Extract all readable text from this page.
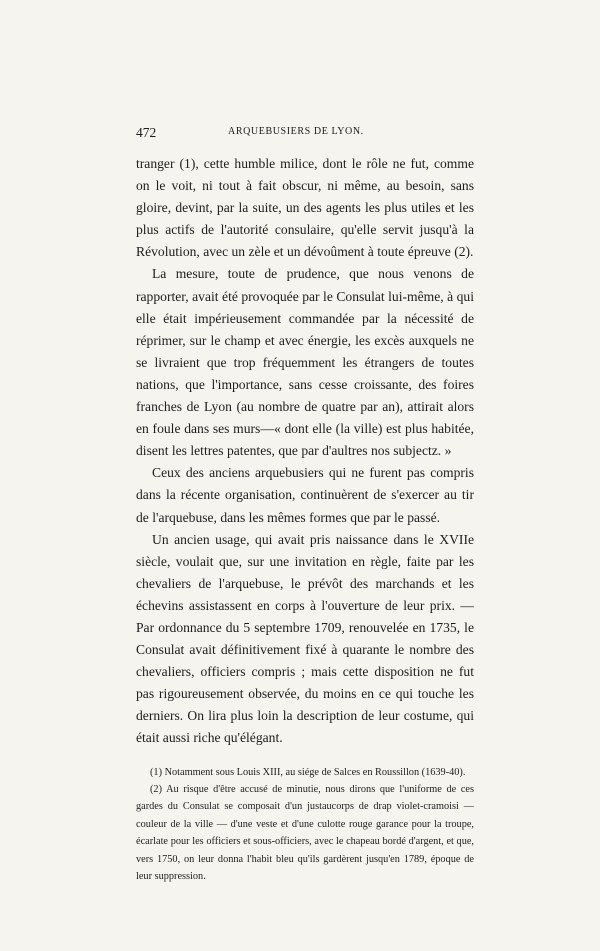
472	ARQUEBUSIERS DE LYON.

tranger (1), cette humble milice, dont le rôle ne fut, comme on le voit, ni tout à fait obscur, ni même, au besoin, sans gloire, devint, par la suite, un des agents les plus utiles et les plus actifs de l'autorité consulaire, qu'elle servit jusqu'à la Révolution, avec un zèle et un dévoûment à toute épreuve (2).

La mesure, toute de prudence, que nous venons de rapporter, avait été provoquée par le Consulat lui-même, à qui elle était impérieusement commandée par la nécessité de réprimer, sur le champ et avec énergie, les excès auxquels ne se livraient que trop fréquemment les étrangers de toutes nations, que l'importance, sans cesse croissante, des foires franches de Lyon (au nombre de quatre par an), attirait alors en foule dans ses murs—« dont elle (la ville) est plus habitée, disent les lettres patentes, que par d'aultres nos subjectz. »

Ceux des anciens arquebusiers qui ne furent pas compris dans la récente organisation, continuèrent de s'exercer au tir de l'arquebuse, dans les mêmes formes que par le passé.

Un ancien usage, qui avait pris naissance dans le XVIIe siècle, voulait que, sur une invitation en règle, faite par les chevaliers de l'arquebuse, le prévôt des marchands et les échevins assistassent en corps à l'ouverture de leur prix. — Par ordonnance du 5 septembre 1709, renouvelée en 1735, le Consulat avait définitivement fixé à quarante le nombre des chevaliers, officiers compris ; mais cette disposition ne fut pas rigoureusement observée, du moins en ce qui touche les derniers. On lira plus loin la description de leur costume, qui était aussi riche qu'élégant.

(1) Notamment sous Louis XIII, au siége de Salces en Roussillon (1639-40).

(2) Au risque d'être accusé de minutie, nous dirons que l'uniforme de ces gardes du Consulat se composait d'un justaucorps de drap violet-cramoisi — couleur de la ville — d'une veste et d'une culotte rouge garance pour la troupe, écarlate pour les officiers et sous-officiers, avec le chapeau bordé d'argent, et que, vers 1750, on leur donna l'habit bleu qu'ils gardèrent jusqu'en 1789, époque de leur suppression.
